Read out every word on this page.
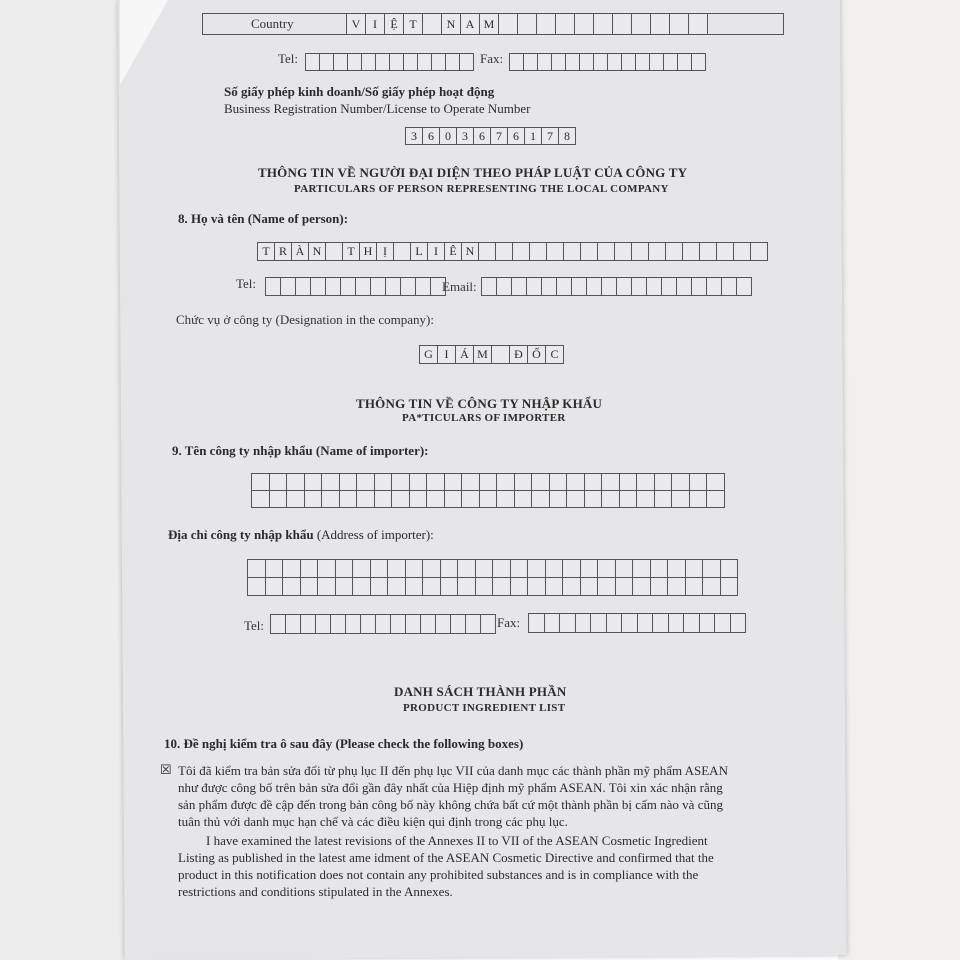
Country	V	I	Ệ T	N A M
Tel:	Fax:
Số giấy phép kinh doanh/Số giấy phép hoạt động
Business Registration Number/License to Operate Number
3 6 0 3 6 7 6 1 7 8
THÔNG TIN VỀ NGƯỜI ĐẠI DIỆN THEO PHÁP LUẬT CỦA CÔNG TY
PARTICULARS OF PERSON REPRESENTING THE LOCAL COMPANY
8. Họ và tên (Name of person):
T R À N	T H Ị	L I Ê N
Tel:	Email:
Chức vụ ở công ty (Designation in the company):
G I Á M	Đ Ố C
THÔNG TIN VỀ CÔNG TY NHẬP KHẨU
PA*TICULARS OF IMPORTER
9. Tên công ty nhập khẩu (Name of importer):
Địa chỉ công ty nhập khẩu (Address of importer):
Tel:	Fax:
DANH SÁCH THÀNH PHẦN
PRODUCT INGREDIENT LIST
10. Đề nghị kiểm tra ô sau đây (Please check the following boxes)
☒ Tôi đã kiểm tra bản sửa đổi từ phụ lục II đến phụ lục VII của danh mục các thành phần mỹ phẩm ASEAN
như được công bố trên bản sửa đổi gần đây nhất của Hiệp định mỹ phẩm ASEAN. Tôi xin xác nhận rằng
sản phẩm được đề cập đến trong bản công bố này không chứa bất cứ một thành phần bị cấm nào và cũng
tuân thủ với danh mục hạn chế và các điều kiện qui định trong các phụ lục.
I have examined the latest revisions of the Annexes II to VII of the ASEAN Cosmetic Ingredient
Listing as published in the latest ame idment of the ASEAN Cosmetic Directive and confirmed that the
product in this notification does not contain any prohibited substances and is in compliance with the
restrictions and conditions stipulated in the Annexes.
